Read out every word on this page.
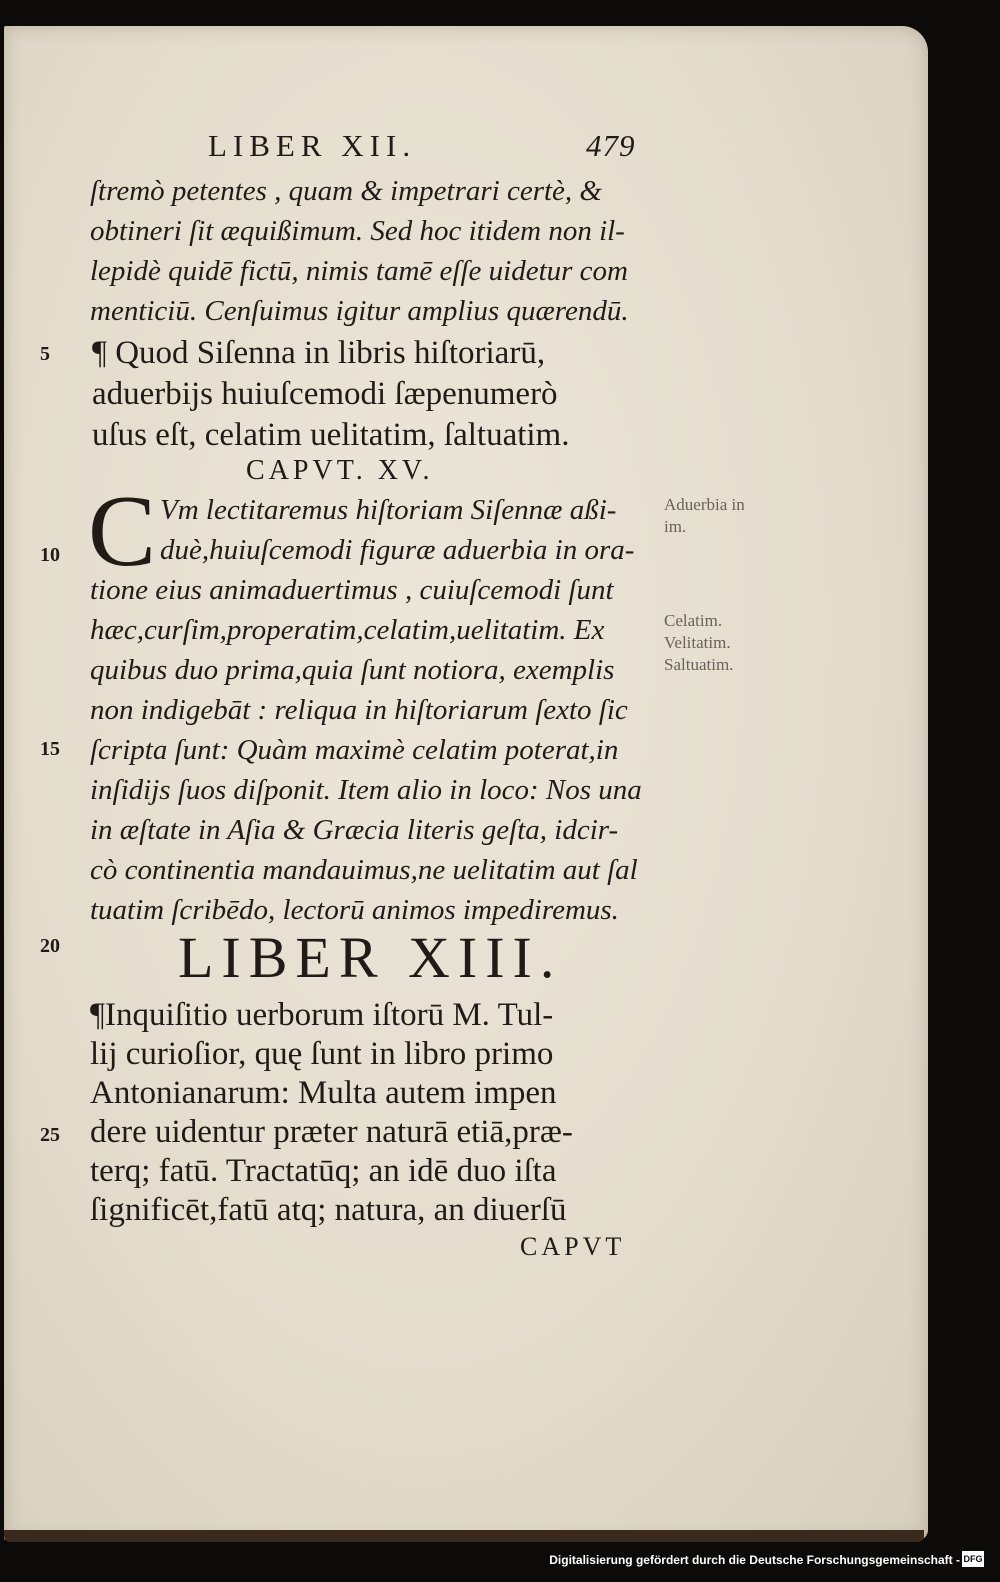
LIBER XII.	479
ſtremò petentes , quam & impetrari certè, &
obtineri ſit æquißimum. Sed hoc itidem non il-
lepidè quidē fictū, nimis tamē eſſe uidetur com
menticiū. Cenſuimus igitur amplius quærendū.
5 ¶ Quod Siſenna in libris hiſtoriarū,
aduerbijs huiuſcemodi ſæpenumerò
uſus eſt, celatim uelitatim, ſaltuatim.
CAPVT. XV.
C Vm lectitaremus hiſtoriam Siſennæ aßi-
10	duè,huiuſcemodi figuræ aduerbia in ora-
tione eius animaduertimus , cuiuſcemodi ſunt
hæc,curſim,properatim,celatim,uelitatim. Ex
quibus duo prima,quia ſunt notiora, exemplis
non indigebāt : reliqua in hiſtoriarum ſexto ſic
15 ſcripta ſunt: Quàm maximè celatim poterat,in
inſidijs ſuos diſponit. Item alio in loco: Nos una
in æſtate in Aſia & Græcia literis geſta, idcir-
cò continentia mandauimus,ne uelitatim aut ſal
tuatim ſcribēdo, lectorū animos impediremus.
20 LIBER XIII.
¶Inquiſitio uerborum iſtorū M. Tul-
lij curioſior, quę ſunt in libro primo
Antonianarum: Multa autem impen
25 dere uidentur præter naturā etiā,præ-
terq; fatū. Tractatūq; an idē duo iſta
ſignificēt,fatū atq; natura, an diuerſū
CAPVT
Aduerbia in
im.
Celatim.
Velitatim.
Saltuatim.
Digitalisierung gefördert durch die Deutsche Forschungsgemeinschaft - DFG
